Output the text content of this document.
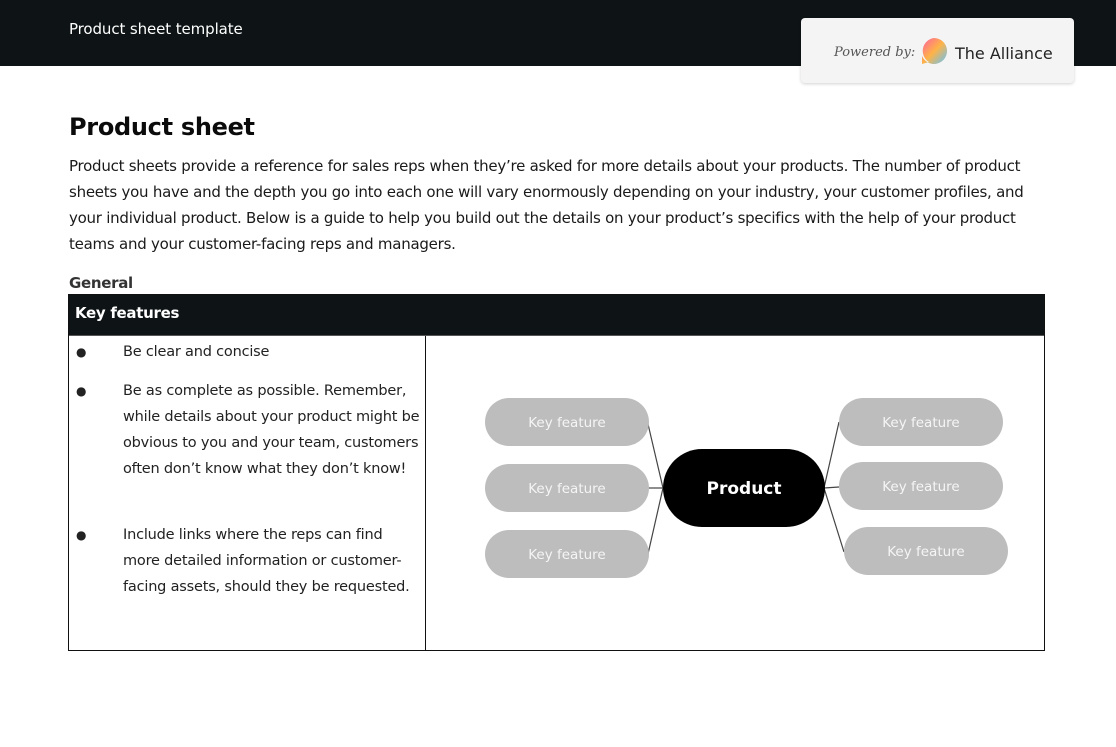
Product sheet template
Powered by: The Alliance
Product sheet

Product sheets provide a reference for sales reps when they’re asked for more details about your products. The number of product sheets you have and the depth you go into each one will vary enormously depending on your industry, your customer profiles, and your individual product. Below is a guide to help you build out the details on your product’s specifics with the help of your product teams and your customer-facing reps and managers.

General
Key features
●	Be clear and concise
●	Be as complete as possible. Remember, while details about your product might be obvious to you and your team, customers often don’t know what they don’t know!
●	Include links where the reps can find more detailed information or customer-facing assets, should they be requested.
Key feature
Key feature
Key feature
Product
Key feature
Key feature
Key feature
